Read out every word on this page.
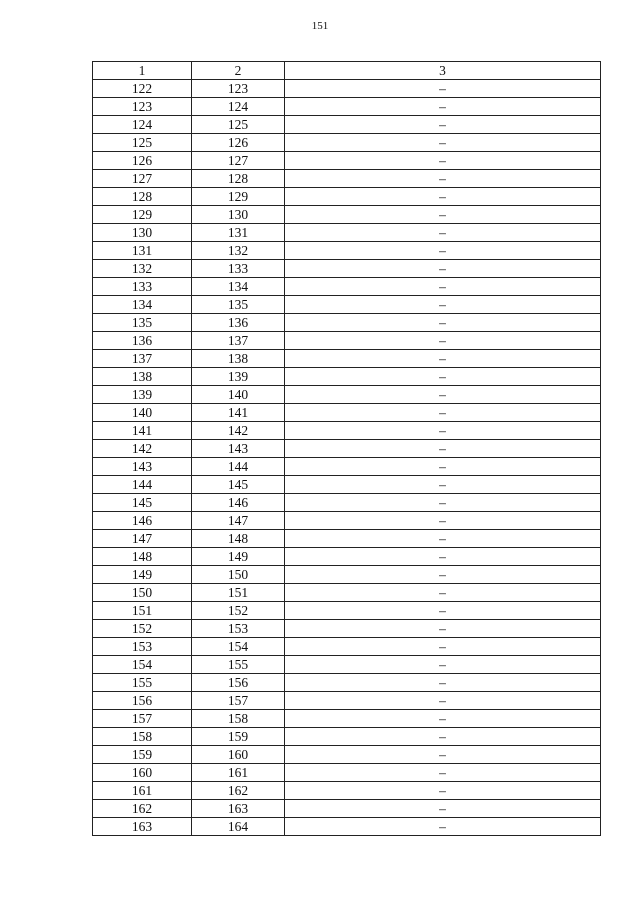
151
1	2	3
122	123	–
123	124	–
124	125	–
125	126	–
126	127	–
127	128	–
128	129	–
129	130	–
130	131	–
131	132	–
132	133	–
133	134	–
134	135	–
135	136	–
136	137	–
137	138	–
138	139	–
139	140	–
140	141	–
141	142	–
142	143	–
143	144	–
144	145	–
145	146	–
146	147	–
147	148	–
148	149	–
149	150	–
150	151	–
151	152	–
152	153	–
153	154	–
154	155	–
155	156	–
156	157	–
157	158	–
158	159	–
159	160	–
160	161	–
161	162	–
162	163	–
163	164	–
